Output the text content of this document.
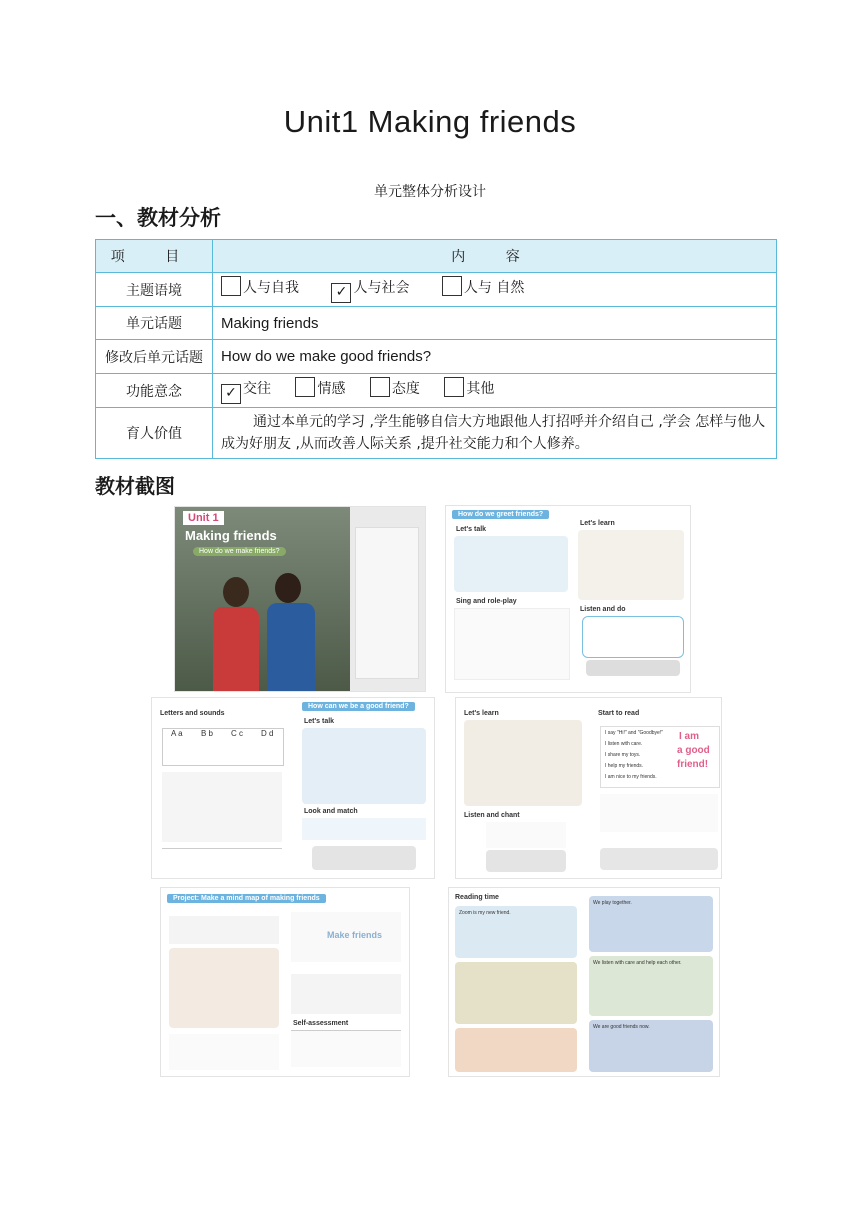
Unit1 Making friends
单元整体分析设计
一、教材分析
项 目	内 容
主题语境	人与自我 ✓ 人与社会 人与 自然
单元话题	Making friends
修改后单元话题	How do we make good friends?
功能意念	✓ 交往 情感 态度 其他
育人价值	通过本单元的学习 ,学生能够自信大方地跟他人打招呼并介绍自己 ,学会 怎样与他人成为好朋友 ,从而改善人际关系 ,提升社交能力和个人修养。
教材截图
Unit 1
Making friends
How do we make friends?
How do we greet friends?
Let's talk
Sing and role-play
Let's learn
Listen and do
Letters and sounds
A a B b C c D d
How can we be a good friend?
Let's talk
Look and match
Let's learn
Listen and chant
Start to read
I say "Hi!" and "Goodbye!"
I listen with care.
I share my toys.
I help my friends.
I am nice to my friends.
I am
a good
friend!
Project: Make a mind map of making friends
Make friends
Self-assessment
Reading time
Zoom is my new friend.
We play together.
We listen with care and help each other.
We are good friends now.
